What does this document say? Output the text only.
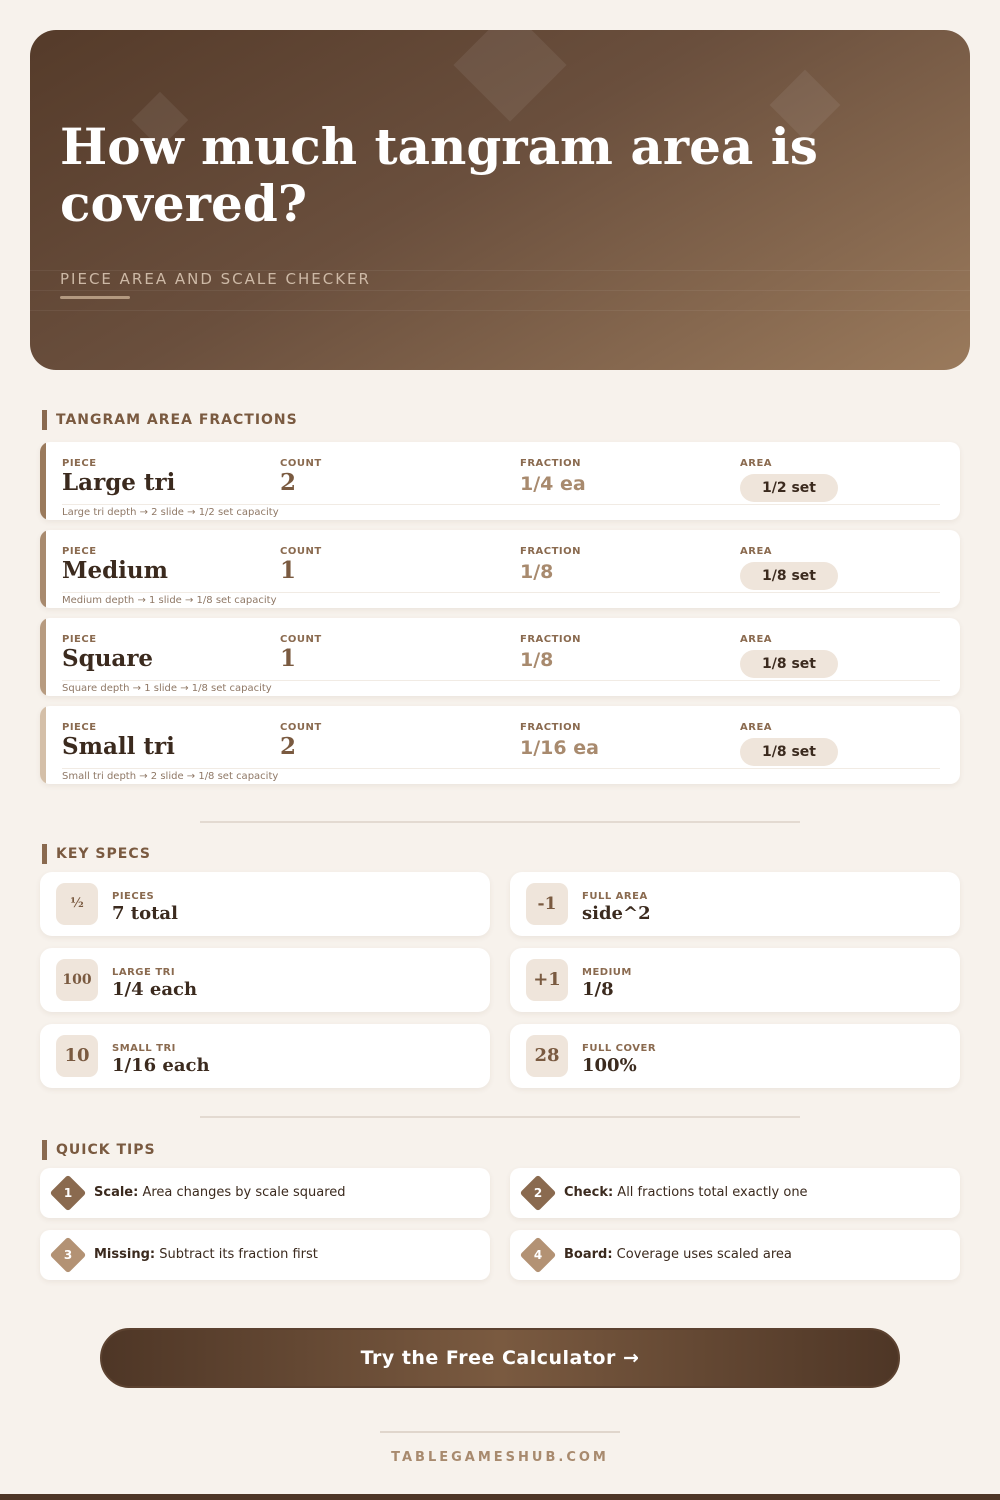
How much tangram area is covered?
PIECE AREA AND SCALE CHECKER
TANGRAM AREA FRACTIONS
PIECE	COUNT	FRACTION	AREA
Large tri	2	1/4 ea	1/2 set
Large tri depth → 2 slide → 1/2 set capacity
PIECE	COUNT	FRACTION	AREA
Medium	1	1/8	1/8 set
Medium depth → 1 slide → 1/8 set capacity
PIECE	COUNT	FRACTION	AREA
Square	1	1/8	1/8 set
Square depth → 1 slide → 1/8 set capacity
PIECE	COUNT	FRACTION	AREA
Small tri	2	1/16 ea	1/8 set
Small tri depth → 2 slide → 1/8 set capacity
KEY SPECS
½	PIECES
7 total	-1	FULL AREA
side^2
100	LARGE TRI
1/4 each	+1	MEDIUM
1/8
10	SMALL TRI
1/16 each	28	FULL COVER
100%
QUICK TIPS
1	Scale: Area changes by scale squared	2	Check: All fractions total exactly one
3	Missing: Subtract its fraction first	4	Board: Coverage uses scaled area
Try the Free Calculator →
TABLEGAMESHUB.COM
